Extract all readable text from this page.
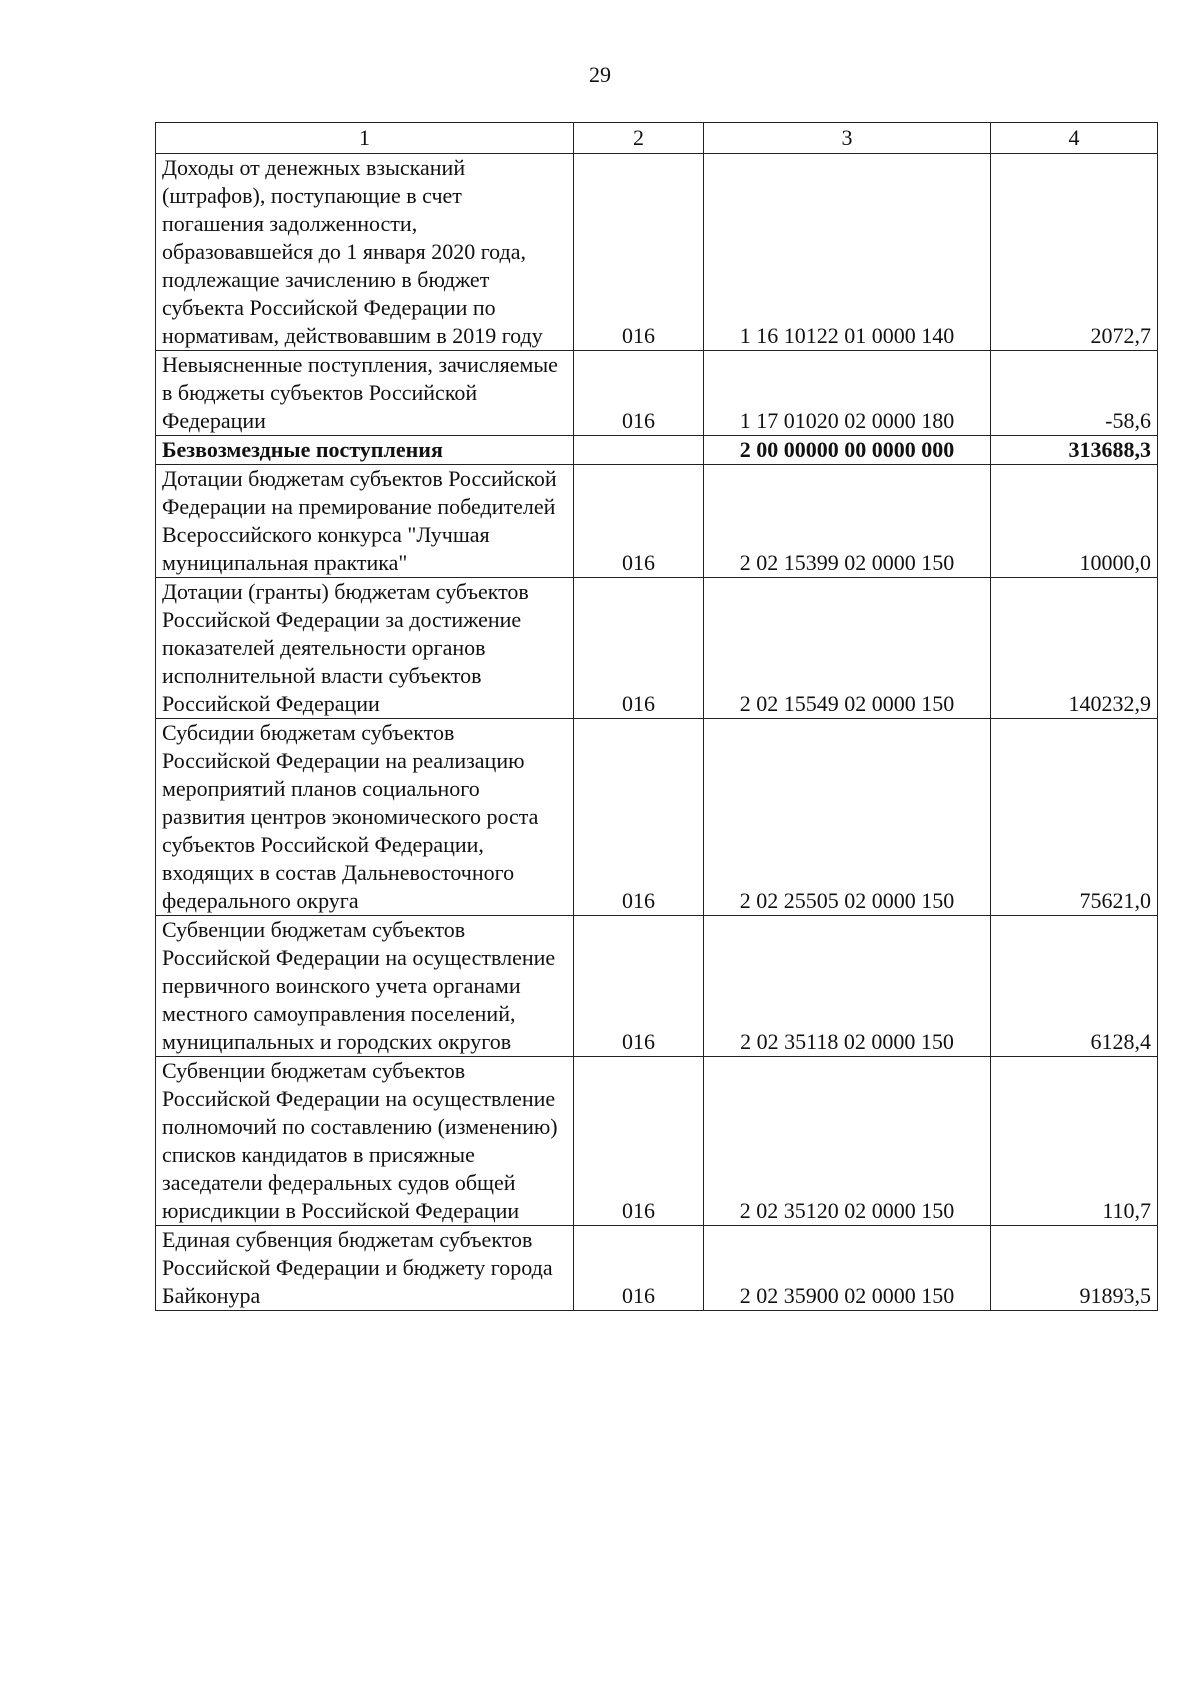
29
1	2	3	4
Доходы от денежных взысканий (штрафов), поступающие в счет погашения задолженности, образовавшейся до 1 января 2020 года, подлежащие зачислению в бюджет субъекта Российской Федерации по нормативам, действовавшим в 2019 году	016	1 16 10122 01 0000 140	2072,7
Невыясненные поступления, зачисляемые в бюджеты субъектов Российской Федерации	016	1 17 01020 02 0000 180	-58,6
Безвозмездные поступления		2 00 00000 00 0000 000	313688,3
Дотации бюджетам субъектов Российской Федерации на премирование победителей Всероссийского конкурса "Лучшая муниципальная практика"	016	2 02 15399 02 0000 150	10000,0
Дотации (гранты) бюджетам субъектов Российской Федерации за достижение показателей деятельности органов исполнительной власти субъектов Российской Федерации	016	2 02 15549 02 0000 150	140232,9
Субсидии бюджетам субъектов Российской Федерации на реализацию мероприятий планов социального развития центров экономического роста субъектов Российской Федерации, входящих в состав Дальневосточного федерального округа	016	2 02 25505 02 0000 150	75621,0
Субвенции бюджетам субъектов Российской Федерации на осуществление первичного воинского учета органами местного самоуправления поселений, муниципальных и городских округов	016	2 02 35118 02 0000 150	6128,4
Субвенции бюджетам субъектов Российской Федерации на осуществление полномочий по составлению (изменению) списков кандидатов в присяжные заседатели федеральных судов общей юрисдикции в Российской Федерации	016	2 02 35120 02 0000 150	110,7
Единая субвенция бюджетам субъектов Российской Федерации и бюджету города Байконура	016	2 02 35900 02 0000 150	91893,5
